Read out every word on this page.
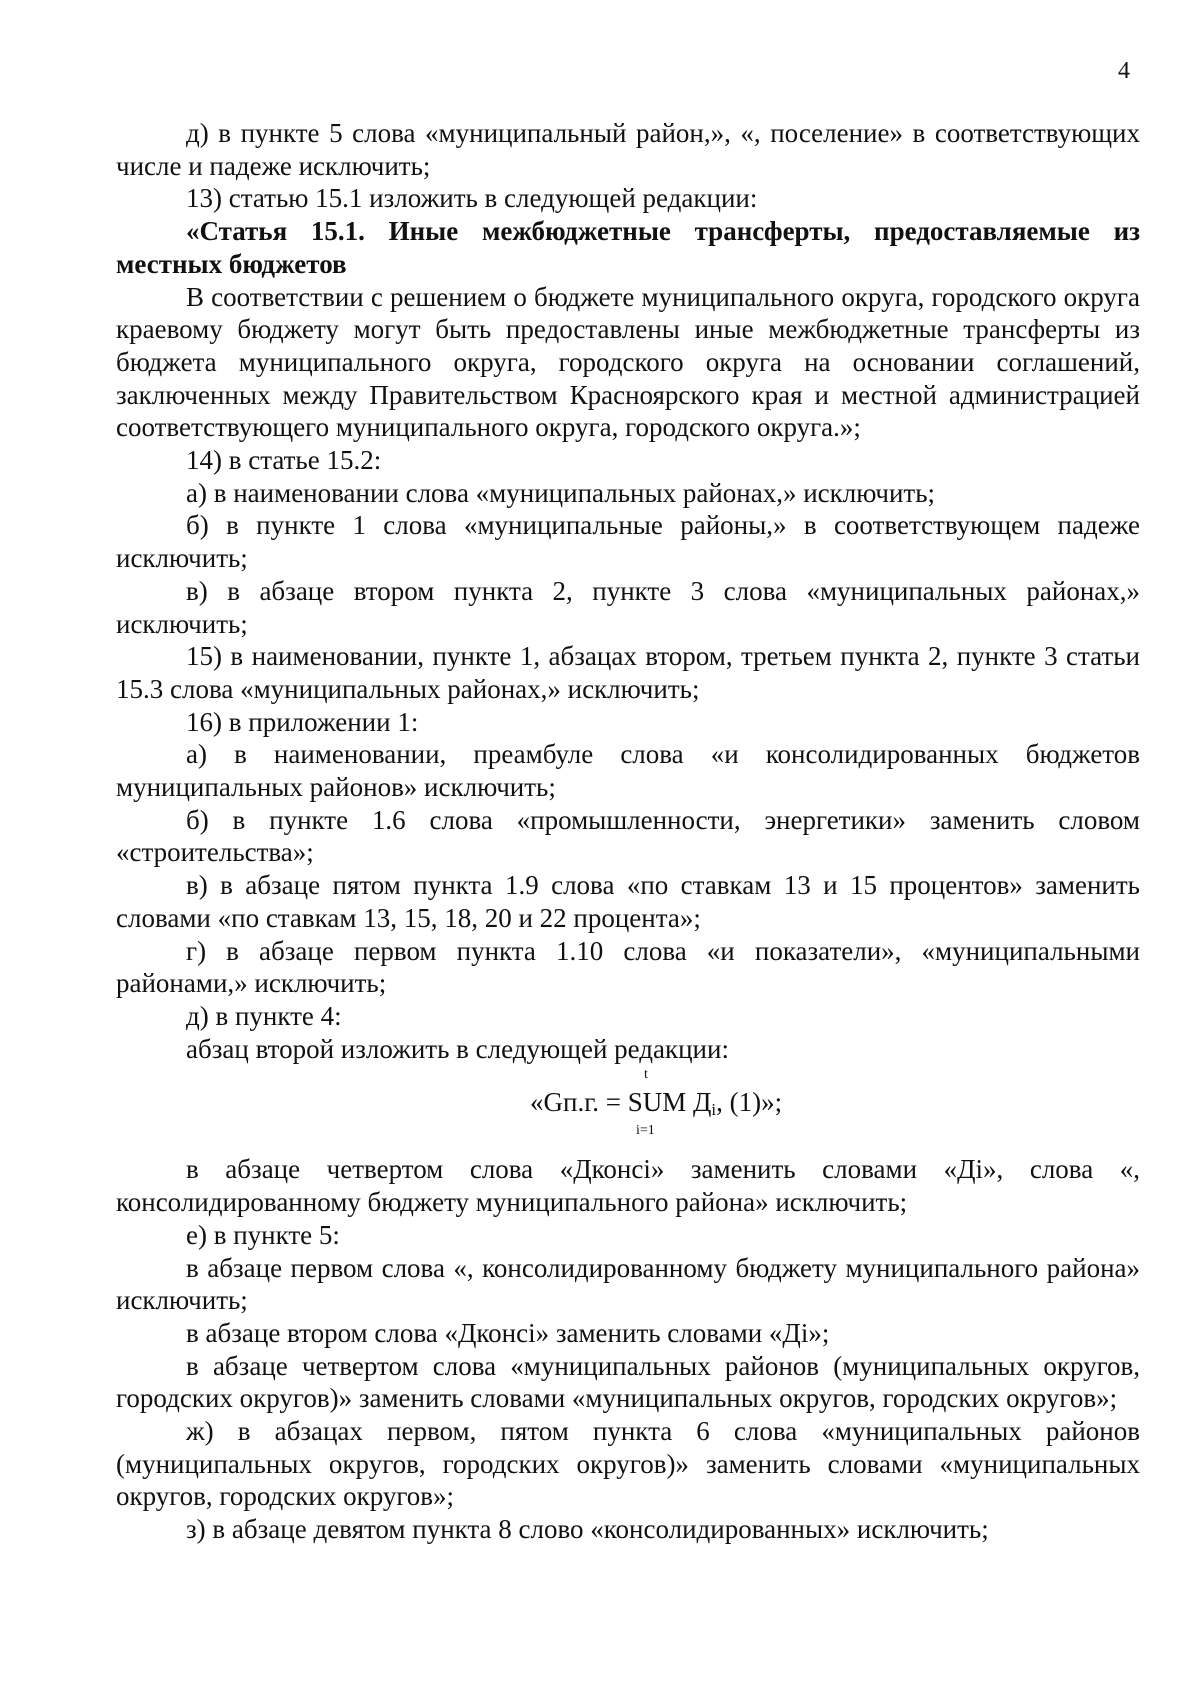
4

д) в пункте 5 слова «муниципальный район,», «, поселение» в соответствующих числе и падеже исключить;

13) статью 15.1 изложить в следующей редакции:

«Статья 15.1. Иные межбюджетные трансферты, предоставляемые из местных бюджетов

В соответствии с решением о бюджете муниципального округа, городского округа краевому бюджету могут быть предоставлены иные межбюджетные трансферты из бюджета муниципального округа, городского округа на основании соглашений, заключенных между Правительством Красноярского края и местной администрацией соответствующего муниципального округа, городского округа.»;

14) в статье 15.2:

а) в наименовании слова «муниципальных районах,» исключить;

б) в пункте 1 слова «муниципальные районы,» в соответствующем падеже исключить;

в) в абзаце втором пункта 2, пункте 3 слова «муниципальных районах,» исключить;

15) в наименовании, пункте 1, абзацах втором, третьем пункта 2, пункте 3 статьи 15.3 слова «муниципальных районах,» исключить;

16) в приложении 1:

а) в наименовании, преамбуле слова «и консолидированных бюджетов муниципальных районов» исключить;

б) в пункте 1.6 слова «промышленности, энергетики» заменить словом «строительства»;

в) в абзаце пятом пункта 1.9 слова «по ставкам 13 и 15 процентов» заменить словами «по ставкам 13, 15, 18, 20 и 22 процента»;

г) в абзаце первом пункта 1.10 слова «и показатели», «муниципальными районами,» исключить;

д) в пункте 4:

абзац второй изложить в следующей редакции:

t
«Gп.г. = SUM $Д_i$, (1)»;
i=1

в абзаце четвертом слова «Дконсi» заменить словами «Дi», слова «, консолидированному бюджету муниципального района» исключить;

е) в пункте 5:

в абзаце первом слова «, консолидированному бюджету муниципального района» исключить;

в абзаце втором слова «Дконсi» заменить словами «Дi»;

в абзаце четвертом слова «муниципальных районов (муниципальных округов, городских округов)» заменить словами «муниципальных округов, городских округов»;

ж) в абзацах первом, пятом пункта 6 слова «муниципальных районов (муниципальных округов, городских округов)» заменить словами «муниципальных округов, городских округов»;

з) в абзаце девятом пункта 8 слово «консолидированных» исключить;
